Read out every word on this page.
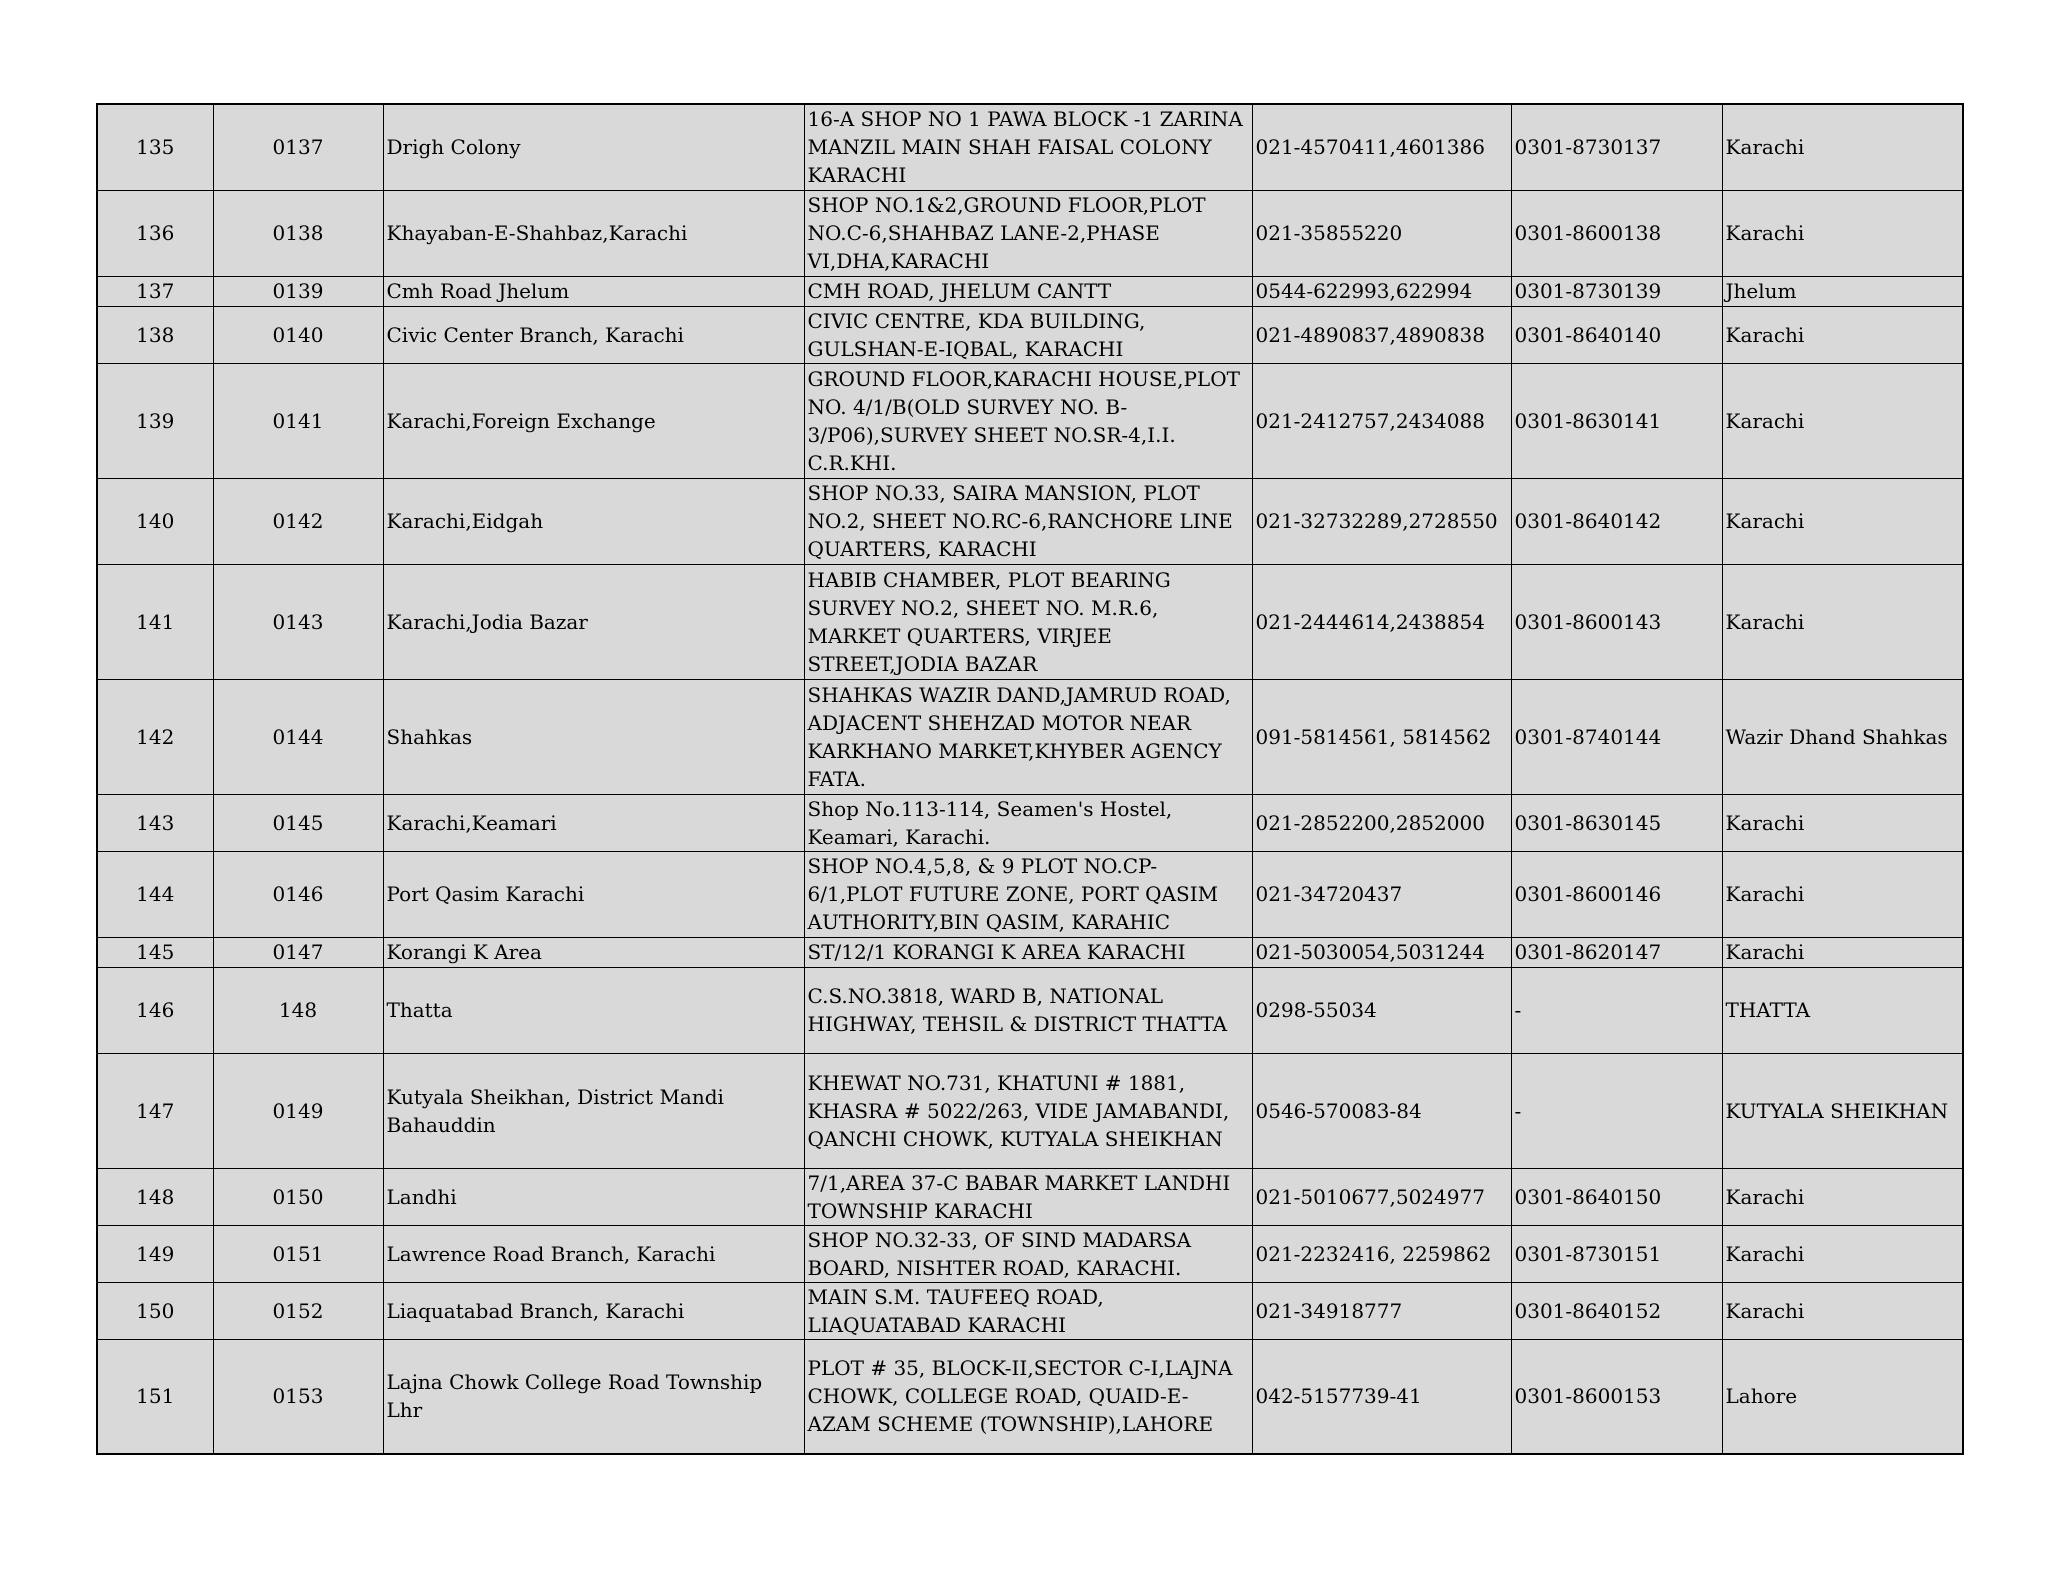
135	0137	Drigh Colony	16-A SHOP NO 1 PAWA BLOCK -1 ZARINA MANZIL MAIN SHAH FAISAL COLONY KARACHI	021-4570411,4601386	0301-8730137	Karachi
136	0138	Khayaban-E-Shahbaz,Karachi	SHOP NO.1&2,GROUND FLOOR,PLOT NO.C-6,SHAHBAZ LANE-2,PHASE VI,DHA,KARACHI	021-35855220	0301-8600138	Karachi
137	0139	Cmh Road Jhelum	CMH ROAD, JHELUM CANTT	0544-622993,622994	0301-8730139	Jhelum
138	0140	Civic Center Branch, Karachi	CIVIC CENTRE, KDA BUILDING, GULSHAN-E-IQBAL, KARACHI	021-4890837,4890838	0301-8640140	Karachi
139	0141	Karachi,Foreign Exchange	GROUND FLOOR,KARACHI HOUSE,PLOT NO. 4/1/B(OLD SURVEY NO. B-3/P06),SURVEY SHEET NO.SR-4,I.I. C.R.KHI.	021-2412757,2434088	0301-8630141	Karachi
140	0142	Karachi,Eidgah	SHOP NO.33, SAIRA MANSION, PLOT NO.2, SHEET NO.RC-6,RANCHORE LINE QUARTERS, KARACHI	021-32732289,2728550	0301-8640142	Karachi
141	0143	Karachi,Jodia Bazar	HABIB CHAMBER, PLOT BEARING SURVEY NO.2, SHEET NO. M.R.6, MARKET QUARTERS, VIRJEE STREET,JODIA BAZAR	021-2444614,2438854	0301-8600143	Karachi
142	0144	Shahkas	SHAHKAS WAZIR DAND,JAMRUD ROAD, ADJACENT SHEHZAD MOTOR NEAR KARKHANO MARKET,KHYBER AGENCY FATA.	091-5814561, 5814562	0301-8740144	Wazir Dhand Shahkas
143	0145	Karachi,Keamari	Shop No.113-114, Seamen's Hostel, Keamari, Karachi.	021-2852200,2852000	0301-8630145	Karachi
144	0146	Port Qasim Karachi	SHOP NO.4,5,8, & 9 PLOT NO.CP-6/1,PLOT FUTURE ZONE, PORT QASIM AUTHORITY,BIN QASIM, KARAHIC	021-34720437	0301-8600146	Karachi
145	0147	Korangi K Area	ST/12/1 KORANGI K AREA KARACHI	021-5030054,5031244	0301-8620147	Karachi
146	148	Thatta	C.S.NO.3818, WARD B, NATIONAL HIGHWAY, TEHSIL & DISTRICT THATTA	0298-55034	-	THATTA
147	0149	Kutyala Sheikhan, District Mandi Bahauddin	KHEWAT NO.731, KHATUNI # 1881, KHASRA # 5022/263, VIDE JAMABANDI, QANCHI CHOWK, KUTYALA SHEIKHAN	0546-570083-84	-	KUTYALA SHEIKHAN
148	0150	Landhi	7/1,AREA 37-C BABAR MARKET LANDHI TOWNSHIP KARACHI	021-5010677,5024977	0301-8640150	Karachi
149	0151	Lawrence Road Branch, Karachi	SHOP NO.32-33, OF SIND MADARSA BOARD, NISHTER ROAD, KARACHI.	021-2232416, 2259862	0301-8730151	Karachi
150	0152	Liaquatabad Branch, Karachi	MAIN S.M. TAUFEEQ ROAD, LIAQUATABAD KARACHI	021-34918777	0301-8640152	Karachi
151	0153	Lajna Chowk College Road Township Lhr	PLOT # 35, BLOCK-II,SECTOR C-I,LAJNA CHOWK, COLLEGE ROAD, QUAID-E-AZAM SCHEME (TOWNSHIP),LAHORE	042-5157739-41	0301-8600153	Lahore
